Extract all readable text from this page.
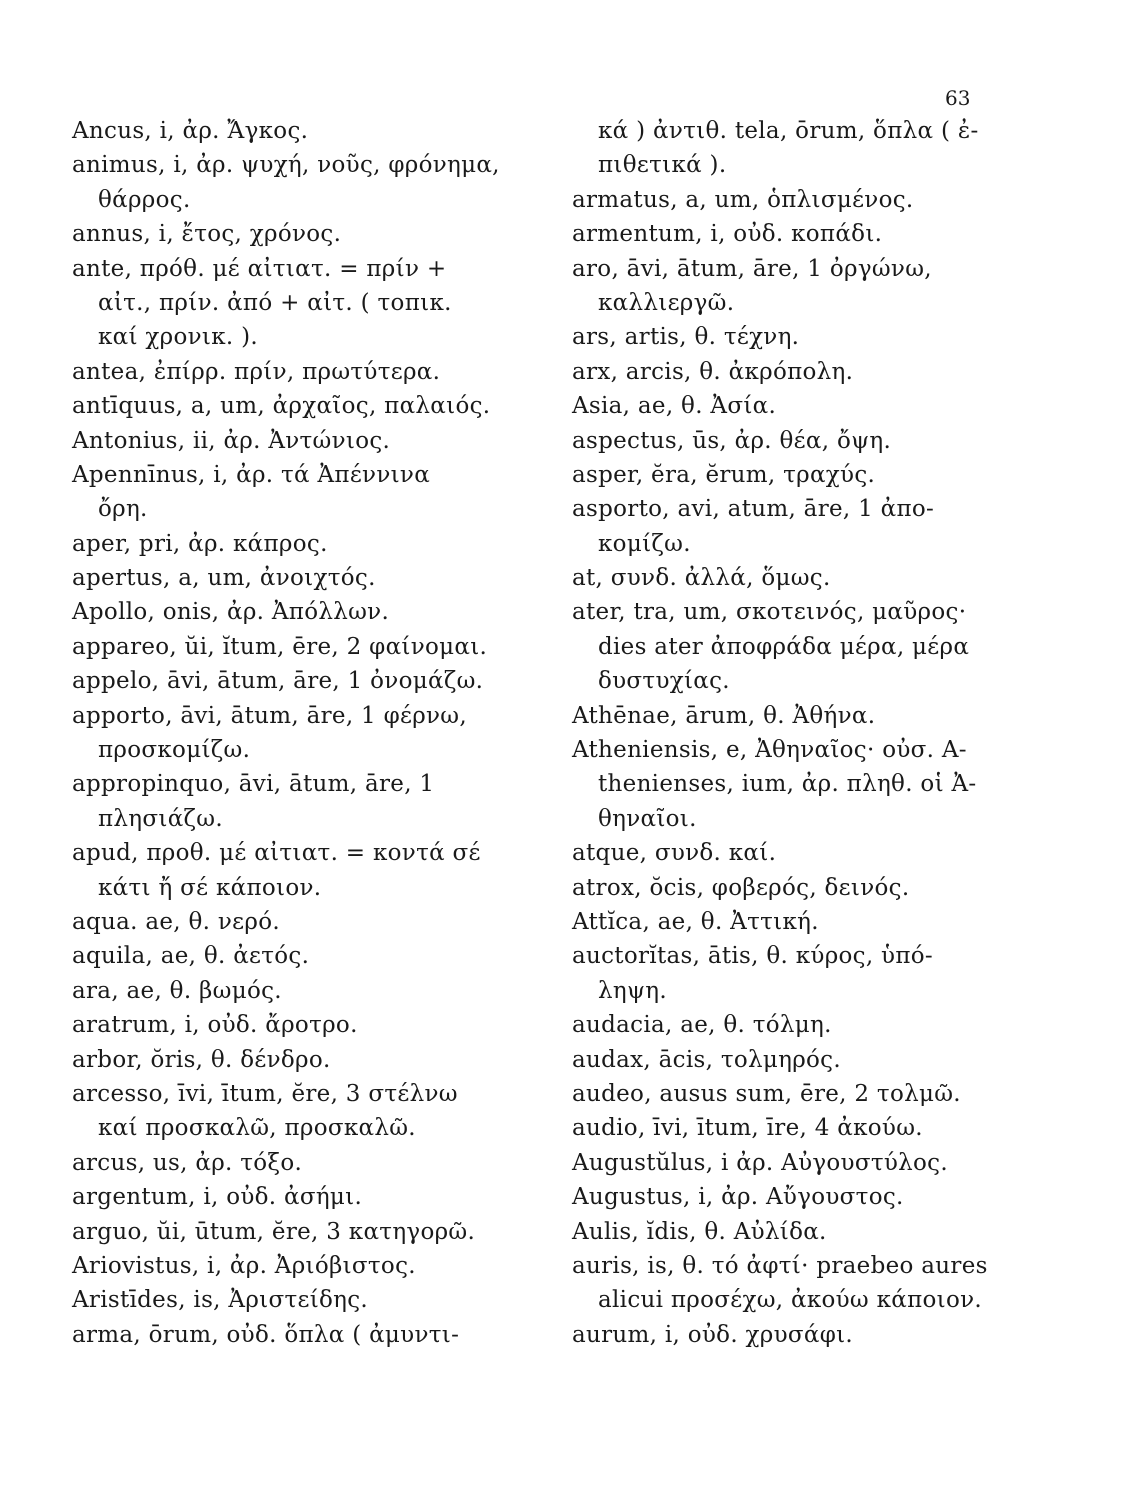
63
Ancus, i, ἀρ. Ἄγκος.
animus, i, ἀρ. ψυχή, νοῦς, φρόνημα,
θάρρος.
annus, i, ἔτος, χρόνος.
ante, πρόθ. μέ αἰτιατ. = πρίν +
αἰτ., πρίν. ἀπό + αἰτ. ( τοπικ.
καί χρονικ. ).
antea, ἐπίρρ. πρίν, πρωτύτερα.
antīquus, a, um, ἀρχαῖος, παλαιός.
Antonius, ii, ἀρ. Ἀντώνιος.
Apennīnus, i, ἀρ. τά Ἀπέννινα
ὄρη.
aper, pri, ἀρ. κάπρος.
apertus, a, um, ἀνοιχτός.
Apollo, onis, ἀρ. Ἀπόλλων.
appareo, ŭi, ĭtum, ēre, 2 φαίνομαι.
appelo, āvi, ātum, āre, 1 ὀνομάζω.
apporto, āvi, ātum, āre, 1 φέρνω,
προσκομίζω.
appropinquo, āvi, ātum, āre, 1
πλησιάζω.
apud, προθ. μέ αἰτιατ. = κοντά σέ
κάτι ἤ σέ κάποιον.
aqua. ae, θ. νερό.
aquila, ae, θ. ἀετός.
ara, ae, θ. βωμός.
aratrum, i, οὐδ. ἄροτρο.
arbor, ŏris, θ. δένδρο.
arcesso, īvi, ītum, ĕre, 3 στέλνω
καί προσκαλῶ, προσκαλῶ.
arcus, us, ἀρ. τόξο.
argentum, i, οὐδ. ἀσήμι.
arguo, ŭi, ūtum, ĕre, 3 κατηγορῶ.
Ariovistus, i, ἀρ. Ἀριόβιστος.
Aristīdes, is, Ἀριστείδης.
arma, ōrum, οὐδ. ὅπλα ( ἀμυντι-
κά ) ἀντιθ. tela, ōrum, ὅπλα ( ἐ-
πιθετικά ).
armatus, a, um, ὁπλισμένος.
armentum, i, οὐδ. κοπάδι.
aro, āvi, ātum, āre, 1 ὀργώνω,
καλλιεργῶ.
ars, artis, θ. τέχνη.
arx, arcis, θ. ἀκρόπολη.
Asia, ae, θ. Ἀσία.
aspectus, ūs, ἀρ. θέα, ὄψη.
asper, ĕra, ĕrum, τραχύς.
asporto, avi, atum, āre, 1 ἀπο-
κομίζω.
at, συνδ. ἀλλά, ὅμως.
ater, tra, um, σκοτεινός, μαῦρος·
dies ater ἀποφράδα μέρα, μέρα
δυστυχίας.
Athēnae, ārum, θ. Ἀθήνα.
Atheniensis, e, Ἀθηναῖος· οὐσ. Α-
thenienses, ium, ἀρ. πληθ. οἱ Ἀ-
θηναῖοι.
atque, συνδ. καί.
atrox, ŏcis, φοβερός, δεινός.
Attĭca, ae, θ. Ἀττική.
auctorĭtas, ātis, θ. κύρος, ὑπό-
ληψη.
audacia, ae, θ. τόλμη.
audax, ācis, τολμηρός.
audeo, ausus sum, ēre, 2 τολμῶ.
audio, īvi, ītum, īre, 4 ἀκούω.
Augustŭlus, i ἀρ. Αὐγουστύλος.
Augustus, i, ἀρ. Αὔγουστος.
Aulis, ĭdis, θ. Αὐλίδα.
auris, is, θ. τό ἀφτί· praebeo aures
alicui προσέχω, ἀκούω κάποιον.
aurum, i, οὐδ. χρυσάφι.
